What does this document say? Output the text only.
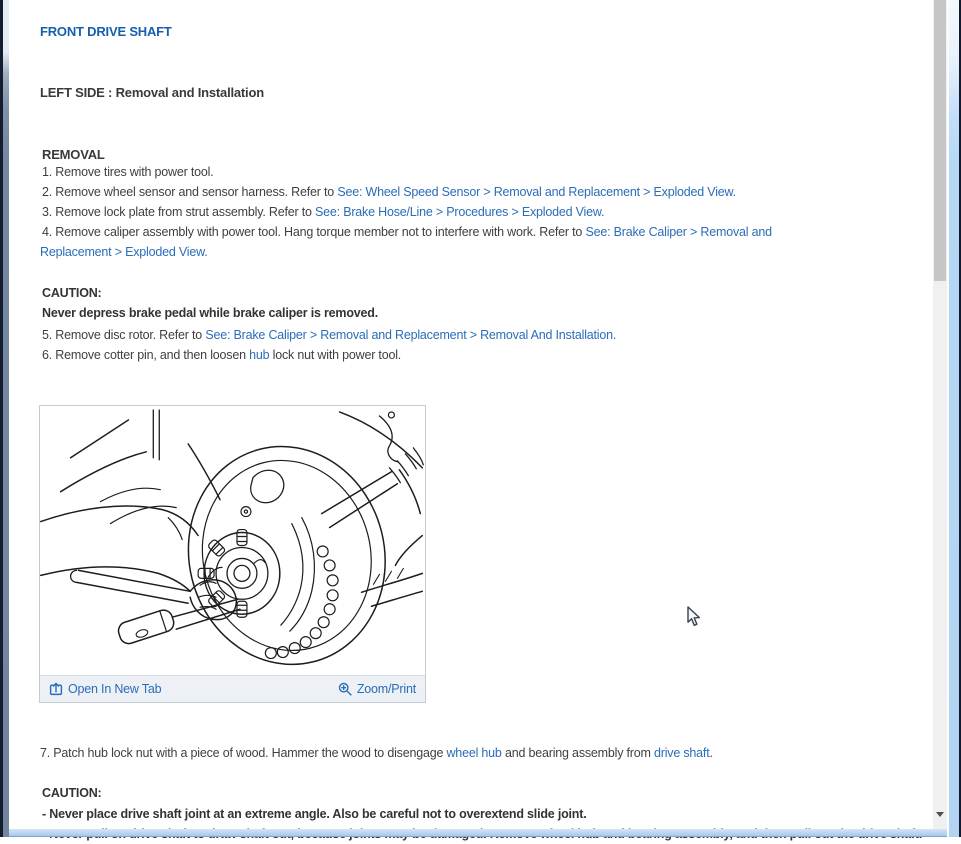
FRONT DRIVE SHAFT
LEFT SIDE : Removal and Installation
REMOVAL
1. Remove tires with power tool.
2. Remove wheel sensor and sensor harness. Refer to See: Wheel Speed Sensor > Removal and Replacement > Exploded View.
3. Remove lock plate from strut assembly. Refer to See: Brake Hose/Line > Procedures > Exploded View.
4. Remove caliper assembly with power tool. Hang torque member not to interfere with work. Refer to See: Brake Caliper > Removal and
Replacement > Exploded View.
CAUTION:
Never depress brake pedal while brake caliper is removed.
5. Remove disc rotor. Refer to See: Brake Caliper > Removal and Replacement > Removal And Installation.
6. Remove cotter pin, and then loosen hub lock nut with power tool.
Open In New Tab	Zoom/Print
7. Patch hub lock nut with a piece of wood. Hammer the wood to disengage wheel hub and bearing assembly from drive shaft.
CAUTION:
- Never place drive shaft joint at an extreme angle. Also be careful not to overextend slide joint.
